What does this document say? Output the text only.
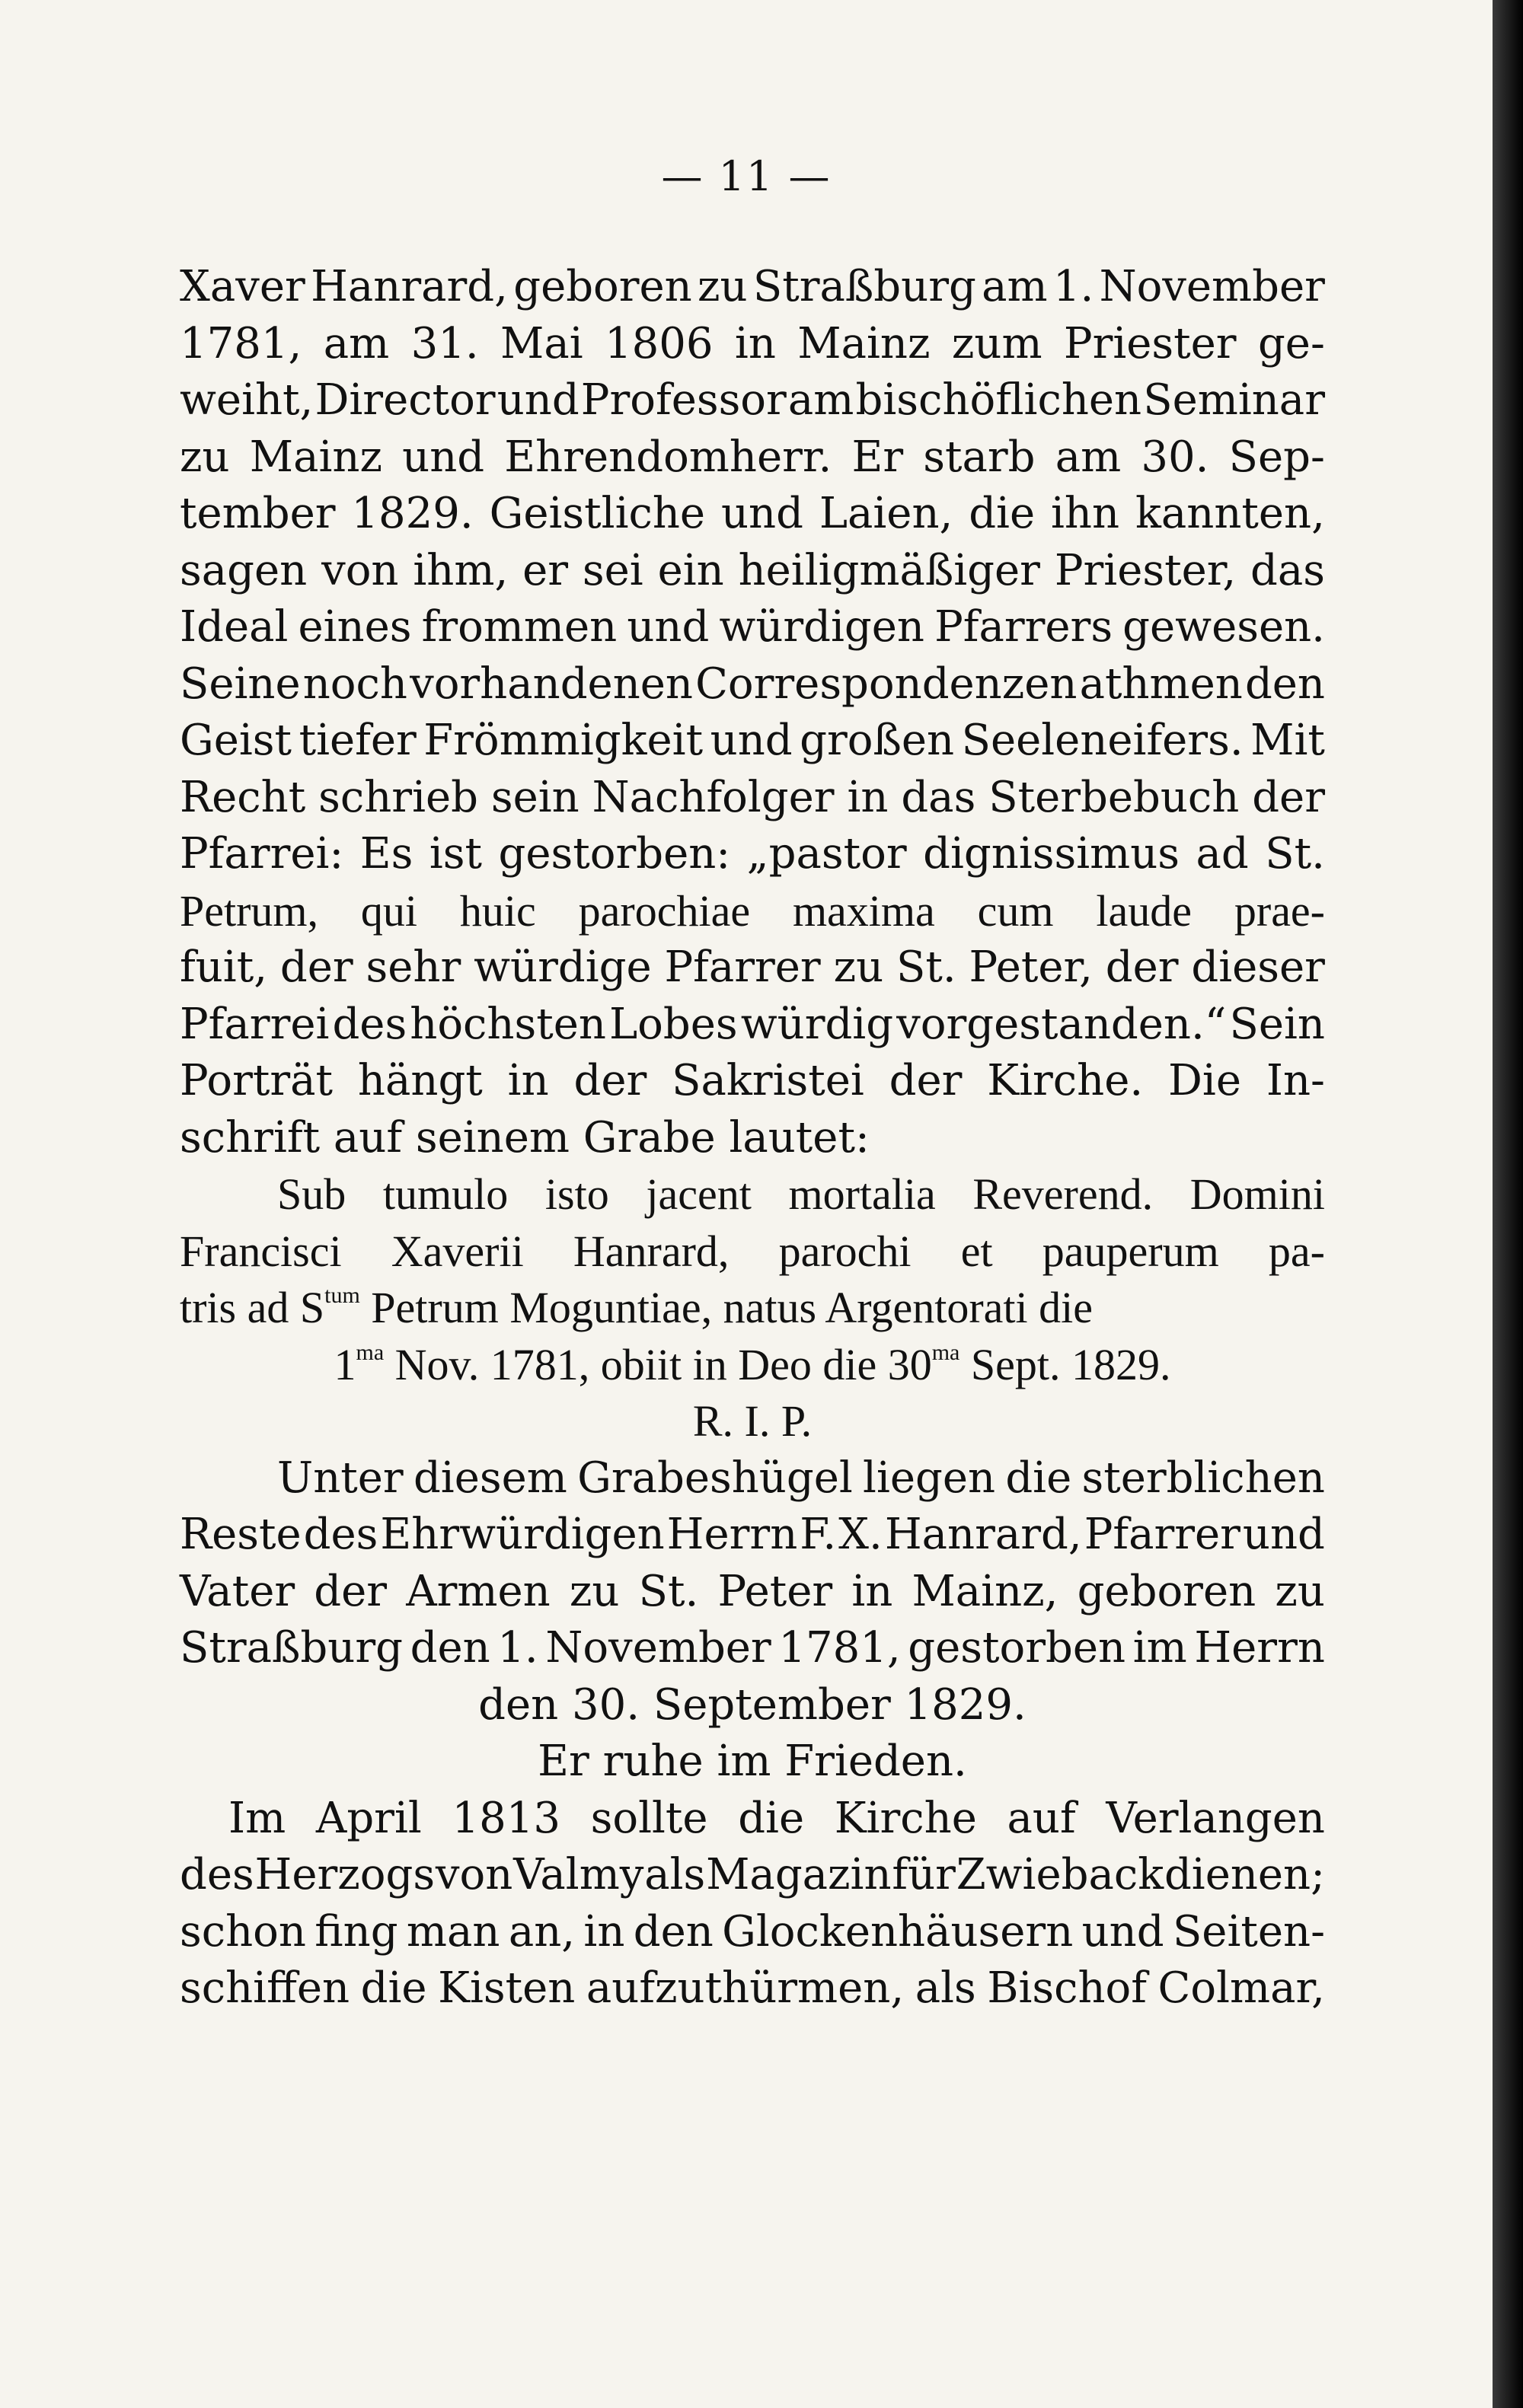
— 11 —
Xaver Hanrard, geboren zu Straßburg am 1. November
1781, am 31. Mai 1806 in Mainz zum Priester ge-
weiht, Director und Professor am bischöflichen Seminar
zu Mainz und Ehrendomherr. Er starb am 30. Sep-
tember 1829. Geistliche und Laien, die ihn kannten,
sagen von ihm, er sei ein heiligmäßiger Priester, das
Ideal eines frommen und würdigen Pfarrers gewesen.
Seine noch vorhandenen Correspondenzen athmen den
Geist tiefer Frömmigkeit und großen Seeleneifers. Mit
Recht schrieb sein Nachfolger in das Sterbebuch der
Pfarrei: Es ist gestorben: „pastor dignissimus ad St.
Petrum, qui huic parochiae maxima cum laude prae-
fuit, der sehr würdige Pfarrer zu St. Peter, der dieser
Pfarrei des höchsten Lobes würdig vorgestanden.“ Sein
Porträt hängt in der Sakristei der Kirche. Die In-
schrift auf seinem Grabe lautet:
Sub tumulo isto jacent mortalia Reverend. Domini
Francisci Xaverii Hanrard, parochi et pauperum pa-
tris ad $S^{tum}$ Petrum Moguntiae, natus Argentorati die
$1^{ma}$ Nov. 1781, obiit in Deo die $30^{ma}$ Sept. 1829.
R. I. P.
Unter diesem Grabeshügel liegen die sterblichen
Reste des Ehrwürdigen Herrn F. X. Hanrard, Pfarrer und
Vater der Armen zu St. Peter in Mainz, geboren zu
Straßburg den 1. November 1781, gestorben im Herrn
den 30. September 1829.
Er ruhe im Frieden.
Im April 1813 sollte die Kirche auf Verlangen
des Herzogs von Valmy als Magazin für Zwieback dienen;
schon fing man an, in den Glockenhäusern und Seiten-
schiffen die Kisten aufzuthürmen, als Bischof Colmar,
